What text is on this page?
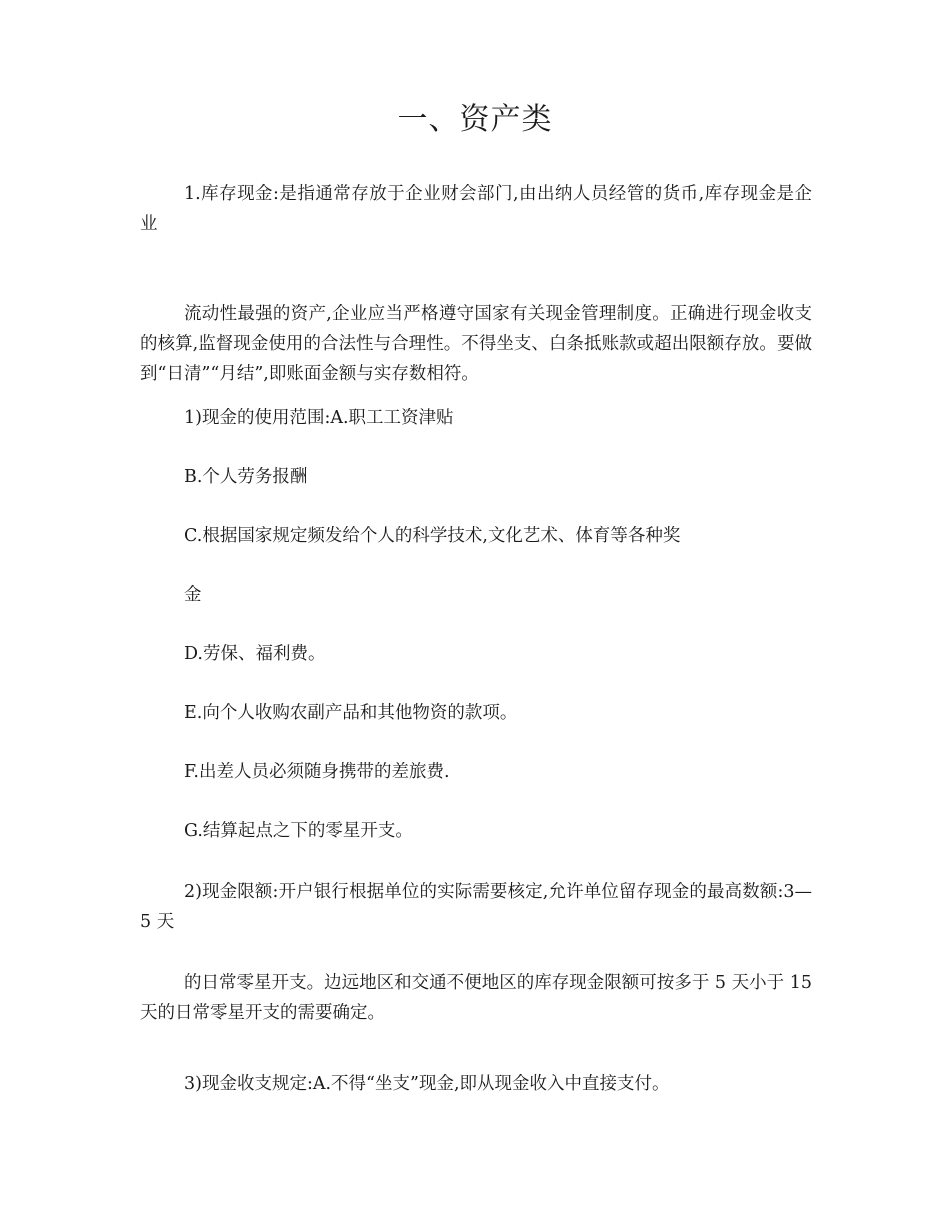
一、资产类

1.库存现金:是指通常存放于企业财会部门,由出纳人员经管的货币,库存现金是企业

流动性最强的资产,企业应当严格遵守国家有关现金管理制度。正确进行现金收支的核算,监督现金使用的合法性与合理性。不得坐支、白条抵账款或超出限额存放。要做到“日清”“月结”,即账面金额与实存数相符。

1)现金的使用范围:A.职工工资津贴

B.个人劳务报酬

C.根据国家规定频发给个人的科学技术,文化艺术、体育等各种奖

金

D.劳保、福利费。

E.向个人收购农副产品和其他物资的款项。

F.出差人员必须随身携带的差旅费.

G.结算起点之下的零星开支。

2)现金限额:开户银行根据单位的实际需要核定,允许单位留存现金的最高数额:3—5 天

的日常零星开支。边远地区和交通不便地区的库存现金限额可按多于 5 天小于 15 天的日常零星开支的需要确定。

3)现金收支规定:A.不得“坐支”现金,即从现金收入中直接支付。
